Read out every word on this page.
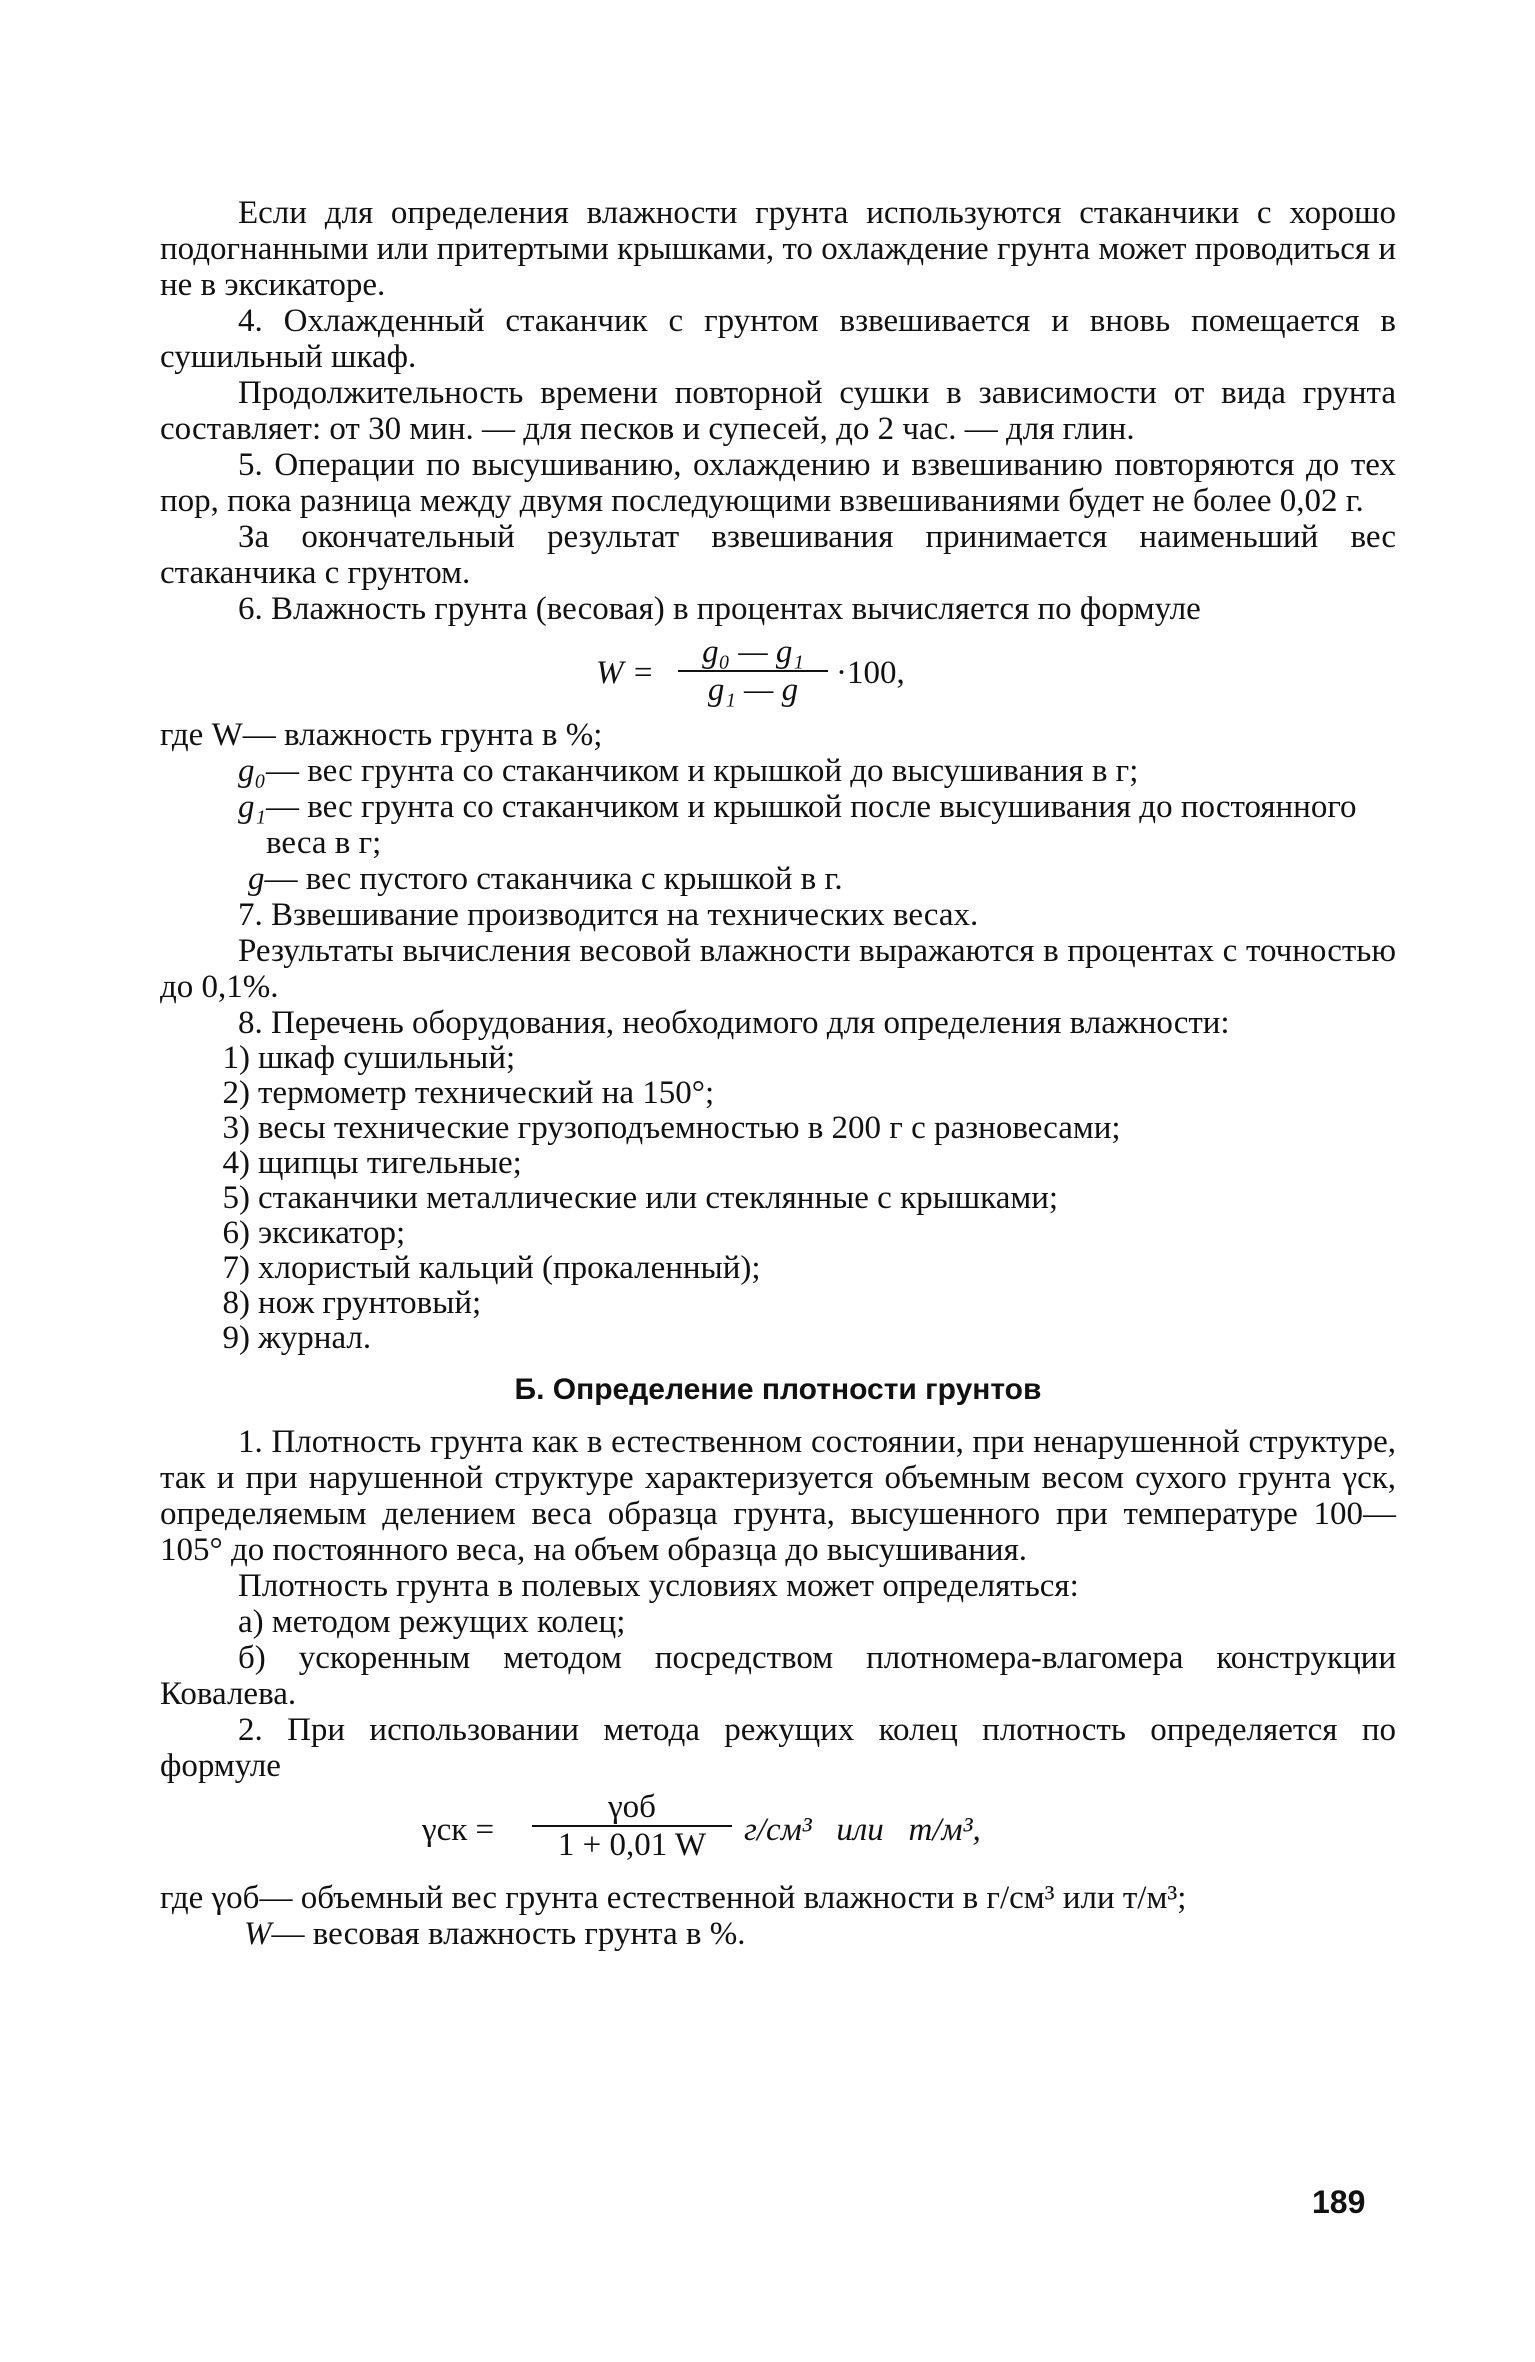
Если для определения влажности грунта используются стаканчики с хорошо подогнанными или притертыми крышками, то охлаждение грунта может проводиться и не в эксикаторе.

4. Охлажденный стаканчик с грунтом взвешивается и вновь помещается в сушильный шкаф.

Продолжительность времени повторной сушки в зависимости от вида грунта составляет: от 30 мин. — для песков и супесей, до 2 час. — для глин.

5. Операции по высушиванию, охлаждению и взвешиванию повторяются до тех пор, пока разница между двумя последующими взвешиваниями будет не более 0,02 г.

За окончательный результат взвешивания принимается наименьший вес стаканчика с грунтом.

6. Влажность грунта (весовая) в процентах вычисляется по формуле

W =
g₀ — g₁
g₁ — g	·100,
где W — влажность грунта в %;
g₀ — вес грунта со стаканчиком и крышкой до высушивания в г;
g₁ — вес грунта со стаканчиком и крышкой после высушивания до постоянного веса в г;
g — вес пустого стаканчика с крышкой в г.

7. Взвешивание производится на технических весах.

Результаты вычисления весовой влажности выражаются в процентах с точностью до 0,1%.

8. Перечень оборудования, необходимого для определения влажности:

1) шкаф сушильный;
2) термометр технический на 150°;
3) весы технические грузоподъемностью в 200 г с разновесами;
4) щипцы тигельные;
5) стаканчики металлические или стеклянные с крышками;
6) эксикатор;
7) хлористый кальций (прокаленный);
8) нож грунтовый;
9) журнал.
Б. Определение плотности грунтов

1. Плотность грунта как в естественном состоянии, при ненарушенной структуре, так и при нарушенной структуре характеризуется объемным весом сухого грунта γск, определяемым делением веса образца грунта, высушенного при температуре 100—105° до постоянного веса, на объем образца до высушивания.

Плотность грунта в полевых условиях может определяться:

а) методом режущих колец;

б) ускоренным методом посредством плотномера-влагомера конструкции Ковалева.

2. При использовании метода режущих колец плотность определяется по формуле

γск =
γоб
1 + 0,01 W	г/см³   или   т/м³,
где γоб — объемный вес грунта естественной влажности в г/см³ или т/м³;
W — весовая влажность грунта в %.
189
